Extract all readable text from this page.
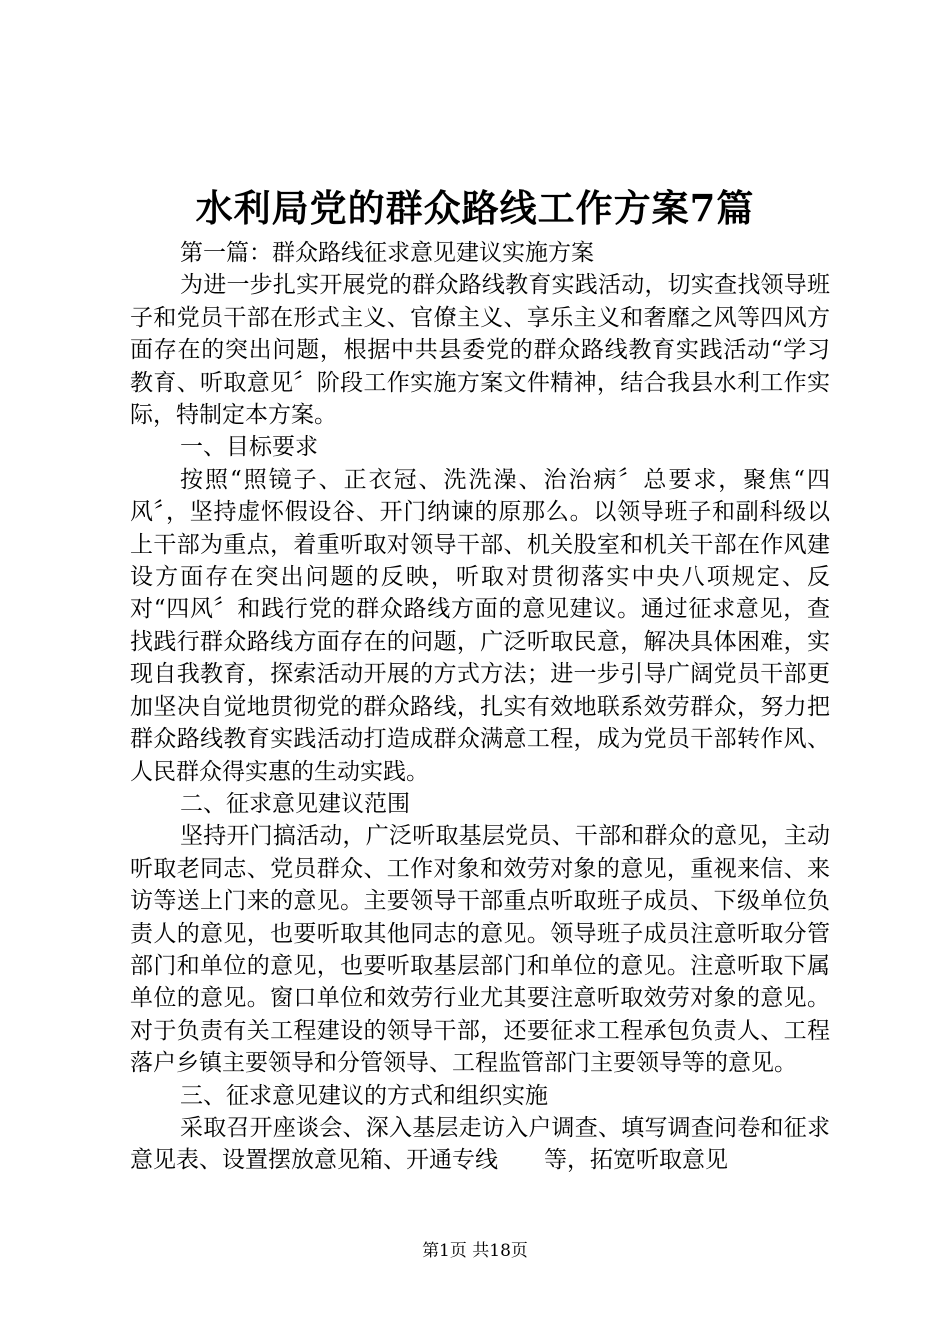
水利局党的群众路线工作方案7篇

第一篇：群众路线征求意见建议实施方案

为进一步扎实开展党的群众路线教育实践活动，切实查找领导班子和党员干部在形式主义、官僚主义、享乐主义和奢靡之风等四风方面存在的突出问题，根据中共县委党的群众路线教育实践活动“学习教育、听取意见〞阶段工作实施方案文件精神，结合我县水利工作实际，特制定本方案。

一、目标要求

按照“照镜子、正衣冠、洗洗澡、治治病〞总要求，聚焦“四风〞，坚持虚怀假设谷、开门纳谏的原那么。以领导班子和副科级以上干部为重点，着重听取对领导干部、机关股室和机关干部在作风建设方面存在突出问题的反映，听取对贯彻落实中央八项规定、反对“四风〞和践行党的群众路线方面的意见建议。通过征求意见，查找践行群众路线方面存在的问题，广泛听取民意，解决具体困难，实现自我教育，探索活动开展的方式方法；进一步引导广阔党员干部更加坚决自觉地贯彻党的群众路线，扎实有效地联系效劳群众，努力把群众路线教育实践活动打造成群众满意工程，成为党员干部转作风、人民群众得实惠的生动实践。

二、征求意见建议范围

坚持开门搞活动，广泛听取基层党员、干部和群众的意见，主动听取老同志、党员群众、工作对象和效劳对象的意见，重视来信、来访等送上门来的意见。主要领导干部重点听取班子成员、下级单位负责人的意见，也要听取其他同志的意见。领导班子成员注意听取分管部门和单位的意见，也要听取基层部门和单位的意见。注意听取下属单位的意见。窗口单位和效劳行业尤其要注意听取效劳对象的意见。对于负责有关工程建设的领导干部，还要征求工程承包负责人、工程落户乡镇主要领导和分管领导、工程监管部门主要领导等的意见。

三、征求意见建议的方式和组织实施

采取召开座谈会、深入基层走访入户调查、填写调查问卷和征求意见表、设置摆放意见箱、开通专线　　等，拓宽听取意见

第1页 共18页
